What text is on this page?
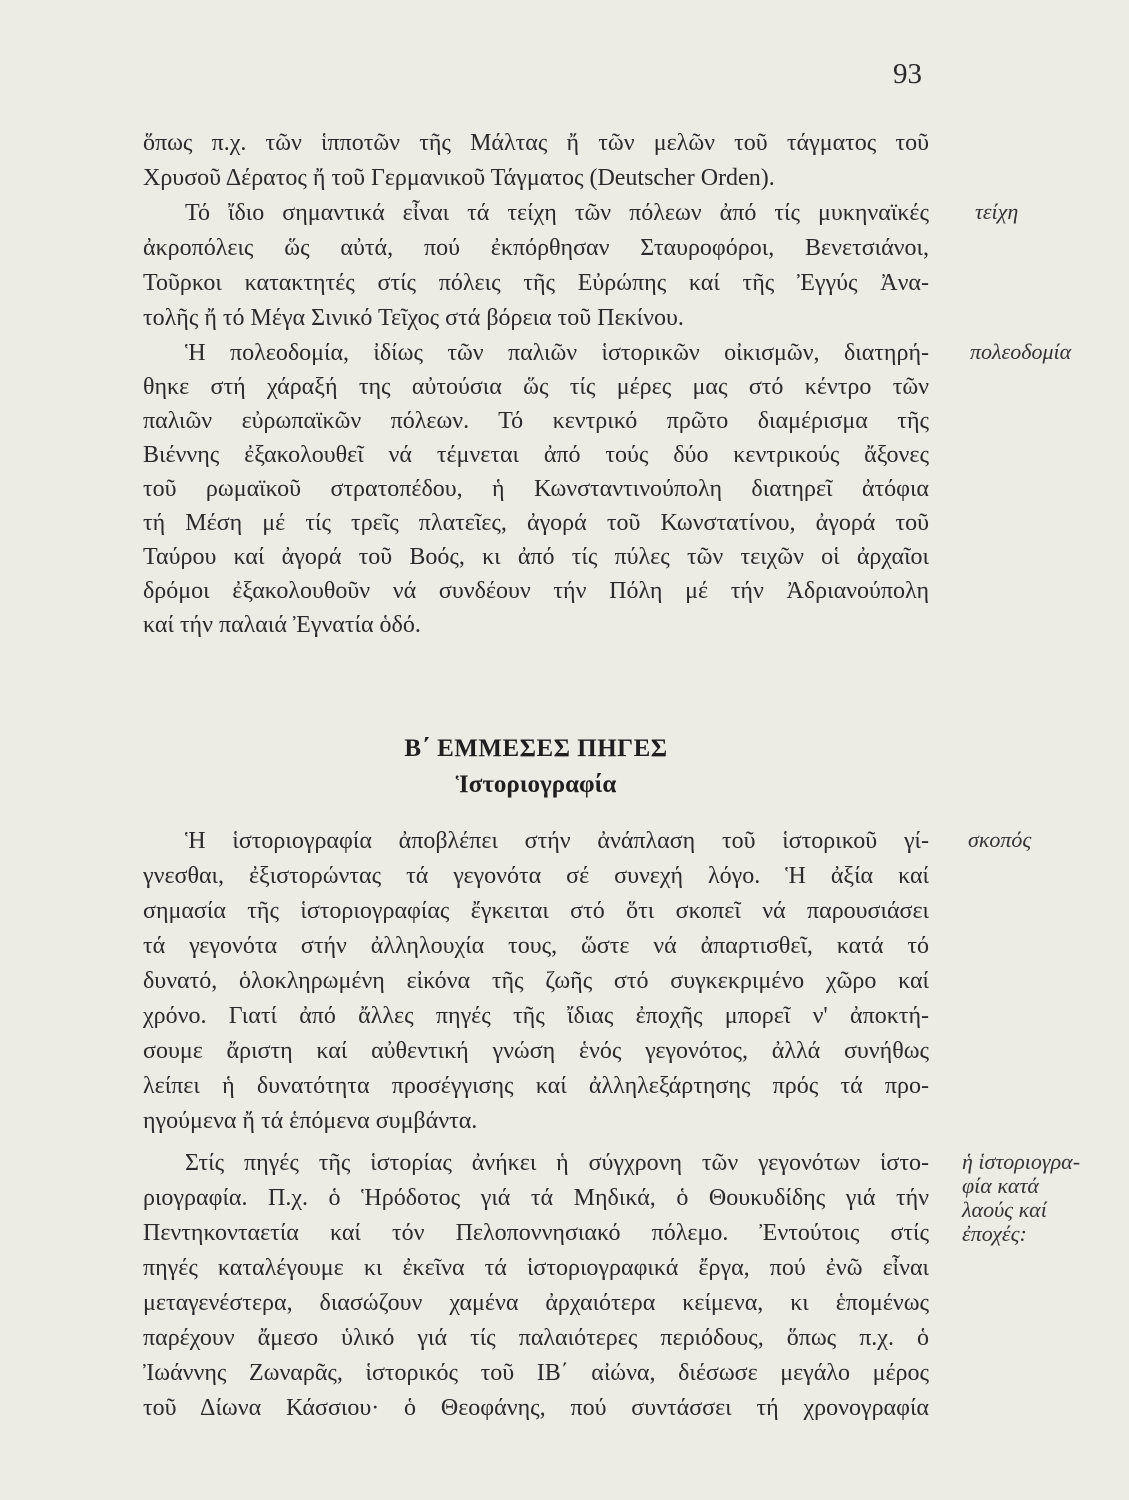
93
ὅπως π.χ. τῶν ἱπποτῶν τῆς Μάλτας ἤ τῶν μελῶν τοῦ τάγματος τοῦ
Χρυσοῦ Δέρατος ἤ τοῦ Γερμανικοῦ Τάγματος (Deutscher Orden).
Τό ἴδιο σημαντικά εἶναι τά τείχη τῶν πόλεων ἀπό τίς μυκηναϊκές
ἀκροπόλεις ὥς αὐτά, πού ἐκπόρθησαν Σταυροφόροι, Βενετσιάνοι,
Τοῦρκοι κατακτητές στίς πόλεις τῆς Εὐρώπης καί τῆς Ἐγγύς Ἀνα-
τολῆς ἤ τό Μέγα Σινικό Τεῖχος στά βόρεια τοῦ Πεκίνου.
Ἡ πολεοδομία, ἰδίως τῶν παλιῶν ἱστορικῶν οἰκισμῶν, διατηρή-
θηκε στή χάραξή της αὐτούσια ὥς τίς μέρες μας στό κέντρο τῶν
παλιῶν εὐρωπαϊκῶν πόλεων. Τό κεντρικό πρῶτο διαμέρισμα τῆς
Βιέννης ἐξακολουθεῖ νά τέμνεται ἀπό τούς δύο κεντρικούς ἄξονες
τοῦ ρωμαϊκοῦ στρατοπέδου, ἡ Κωνσταντινούπολη διατηρεῖ ἀτόφια
τή Μέση μέ τίς τρεῖς πλατεῖες, ἀγορά τοῦ Κωνστατίνου, ἀγορά τοῦ
Ταύρου καί ἀγορά τοῦ Βοός, κι ἀπό τίς πύλες τῶν τειχῶν οἱ ἀρχαῖοι
δρόμοι ἐξακολουθοῦν νά συνδέουν τήν Πόλη μέ τήν Ἀδριανούπολη
καί τήν παλαιά Ἐγνατία ὁδό.
τείχη
πολεοδομία
Β΄ ΕΜΜΕΣΕΣ ΠΗΓΕΣ
Ἱστοριογραφία
Ἡ ἱστοριογραφία ἀποβλέπει στήν ἀνάπλαση τοῦ ἱστορικοῦ γί-
γνεσθαι, ἐξιστορώντας τά γεγονότα σέ συνεχή λόγο. Ἡ ἀξία καί
σημασία τῆς ἱστοριογραφίας ἔγκειται στό ὅτι σκοπεῖ νά παρουσιάσει
τά γεγονότα στήν ἀλληλουχία τους, ὥστε νά ἀπαρτισθεῖ, κατά τό
δυνατό, ὁλοκληρωμένη εἰκόνα τῆς ζωῆς στό συγκεκριμένο χῶρο καί
χρόνο. Γιατί ἀπό ἄλλες πηγές τῆς ἴδιας ἐποχῆς μπορεῖ ν' ἀποκτή-
σουμε ἄριστη καί αὐθεντική γνώση ἑνός γεγονότος, ἀλλά συνήθως
λείπει ἡ δυνατότητα προσέγγισης καί ἀλληλεξάρτησης πρός τά προ-
ηγούμενα ἤ τά ἑπόμενα συμβάντα.
Στίς πηγές τῆς ἱστορίας ἀνήκει ἡ σύγχρονη τῶν γεγονότων ἱστο-
ριογραφία. Π.χ. ὁ Ἡρόδοτος γιά τά Μηδικά, ὁ Θουκυδίδης γιά τήν
Πεντηκονταετία καί τόν Πελοποννησιακό πόλεμο. Ἐντούτοις στίς
πηγές καταλέγουμε κι ἐκεῖνα τά ἱστοριογραφικά ἔργα, πού ἐνῶ εἶναι
μεταγενέστερα, διασώζουν χαμένα ἀρχαιότερα κείμενα, κι ἑπομένως
παρέχουν ἄμεσο ὑλικό γιά τίς παλαιότερες περιόδους, ὅπως π.χ. ὁ
Ἰωάννης Ζωναρᾶς, ἱστορικός τοῦ ΙΒ΄ αἰώνα, διέσωσε μεγάλο μέρος
τοῦ Δίωνα Κάσσιου· ὁ Θεοφάνης, πού συντάσσει τή χρονογραφία
σκοπός
ἡ ἱστοριογρα-
φία κατά
λαούς καί
ἐποχές:
